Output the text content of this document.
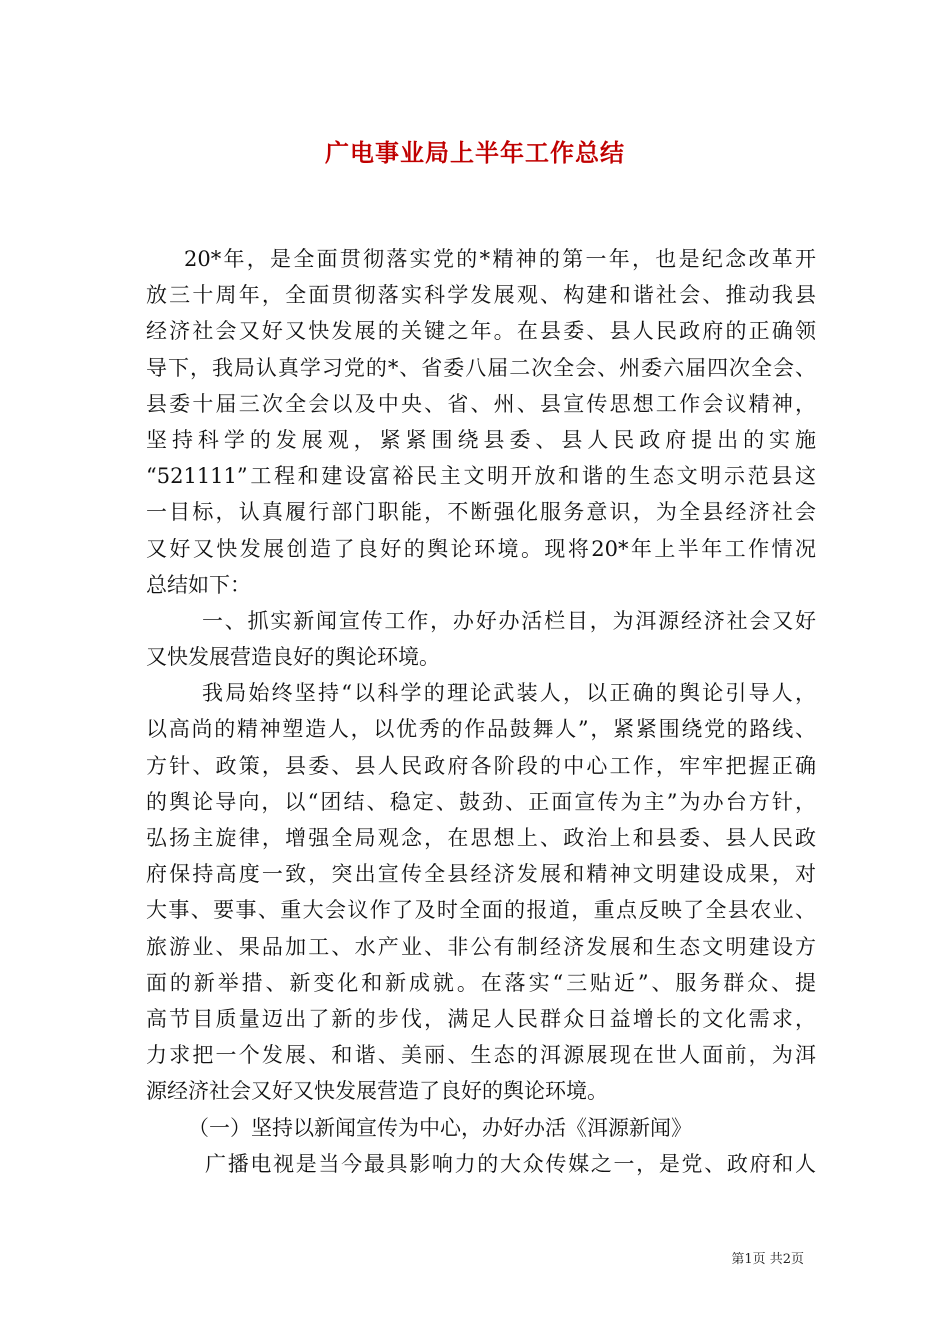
广电事业局上半年工作总结
20*年，是全面贯彻落实党的*精神的第一年，也是纪念改革开
放三十周年，全面贯彻落实科学发展观、构建和谐社会、推动我县
经济社会又好又快发展的关键之年。在县委、县人民政府的正确领
导下，我局认真学习党的*、省委八届二次全会、州委六届四次全会、
县委十届三次全会以及中央、省、州、县宣传思想工作会议精神，
坚持科学的发展观，紧紧围绕县委、县人民政府提出的实施
“521111”工程和建设富裕民主文明开放和谐的生态文明示范县这
一目标，认真履行部门职能，不断强化服务意识，为全县经济社会
又好又快发展创造了良好的舆论环境。现将20*年上半年工作情况
总结如下：
一、抓实新闻宣传工作，办好办活栏目，为洱源经济社会又好
又快发展营造良好的舆论环境。
我局始终坚持“以科学的理论武装人，以正确的舆论引导人，
以高尚的精神塑造人，以优秀的作品鼓舞人”，紧紧围绕党的路线、
方针、政策，县委、县人民政府各阶段的中心工作，牢牢把握正确
的舆论导向，以“团结、稳定、鼓劲、正面宣传为主”为办台方针，
弘扬主旋律，增强全局观念，在思想上、政治上和县委、县人民政
府保持高度一致，突出宣传全县经济发展和精神文明建设成果，对
大事、要事、重大会议作了及时全面的报道，重点反映了全县农业、
旅游业、果品加工、水产业、非公有制经济发展和生态文明建设方
面的新举措、新变化和新成就。在落实“三贴近”、服务群众、提
高节目质量迈出了新的步伐，满足人民群众日益增长的文化需求，
力求把一个发展、和谐、美丽、生态的洱源展现在世人面前，为洱
源经济社会又好又快发展营造了良好的舆论环境。
（一）坚持以新闻宣传为中心，办好办活《洱源新闻》
广播电视是当今最具影响力的大众传媒之一，是党、政府和人
第1页 共2页
